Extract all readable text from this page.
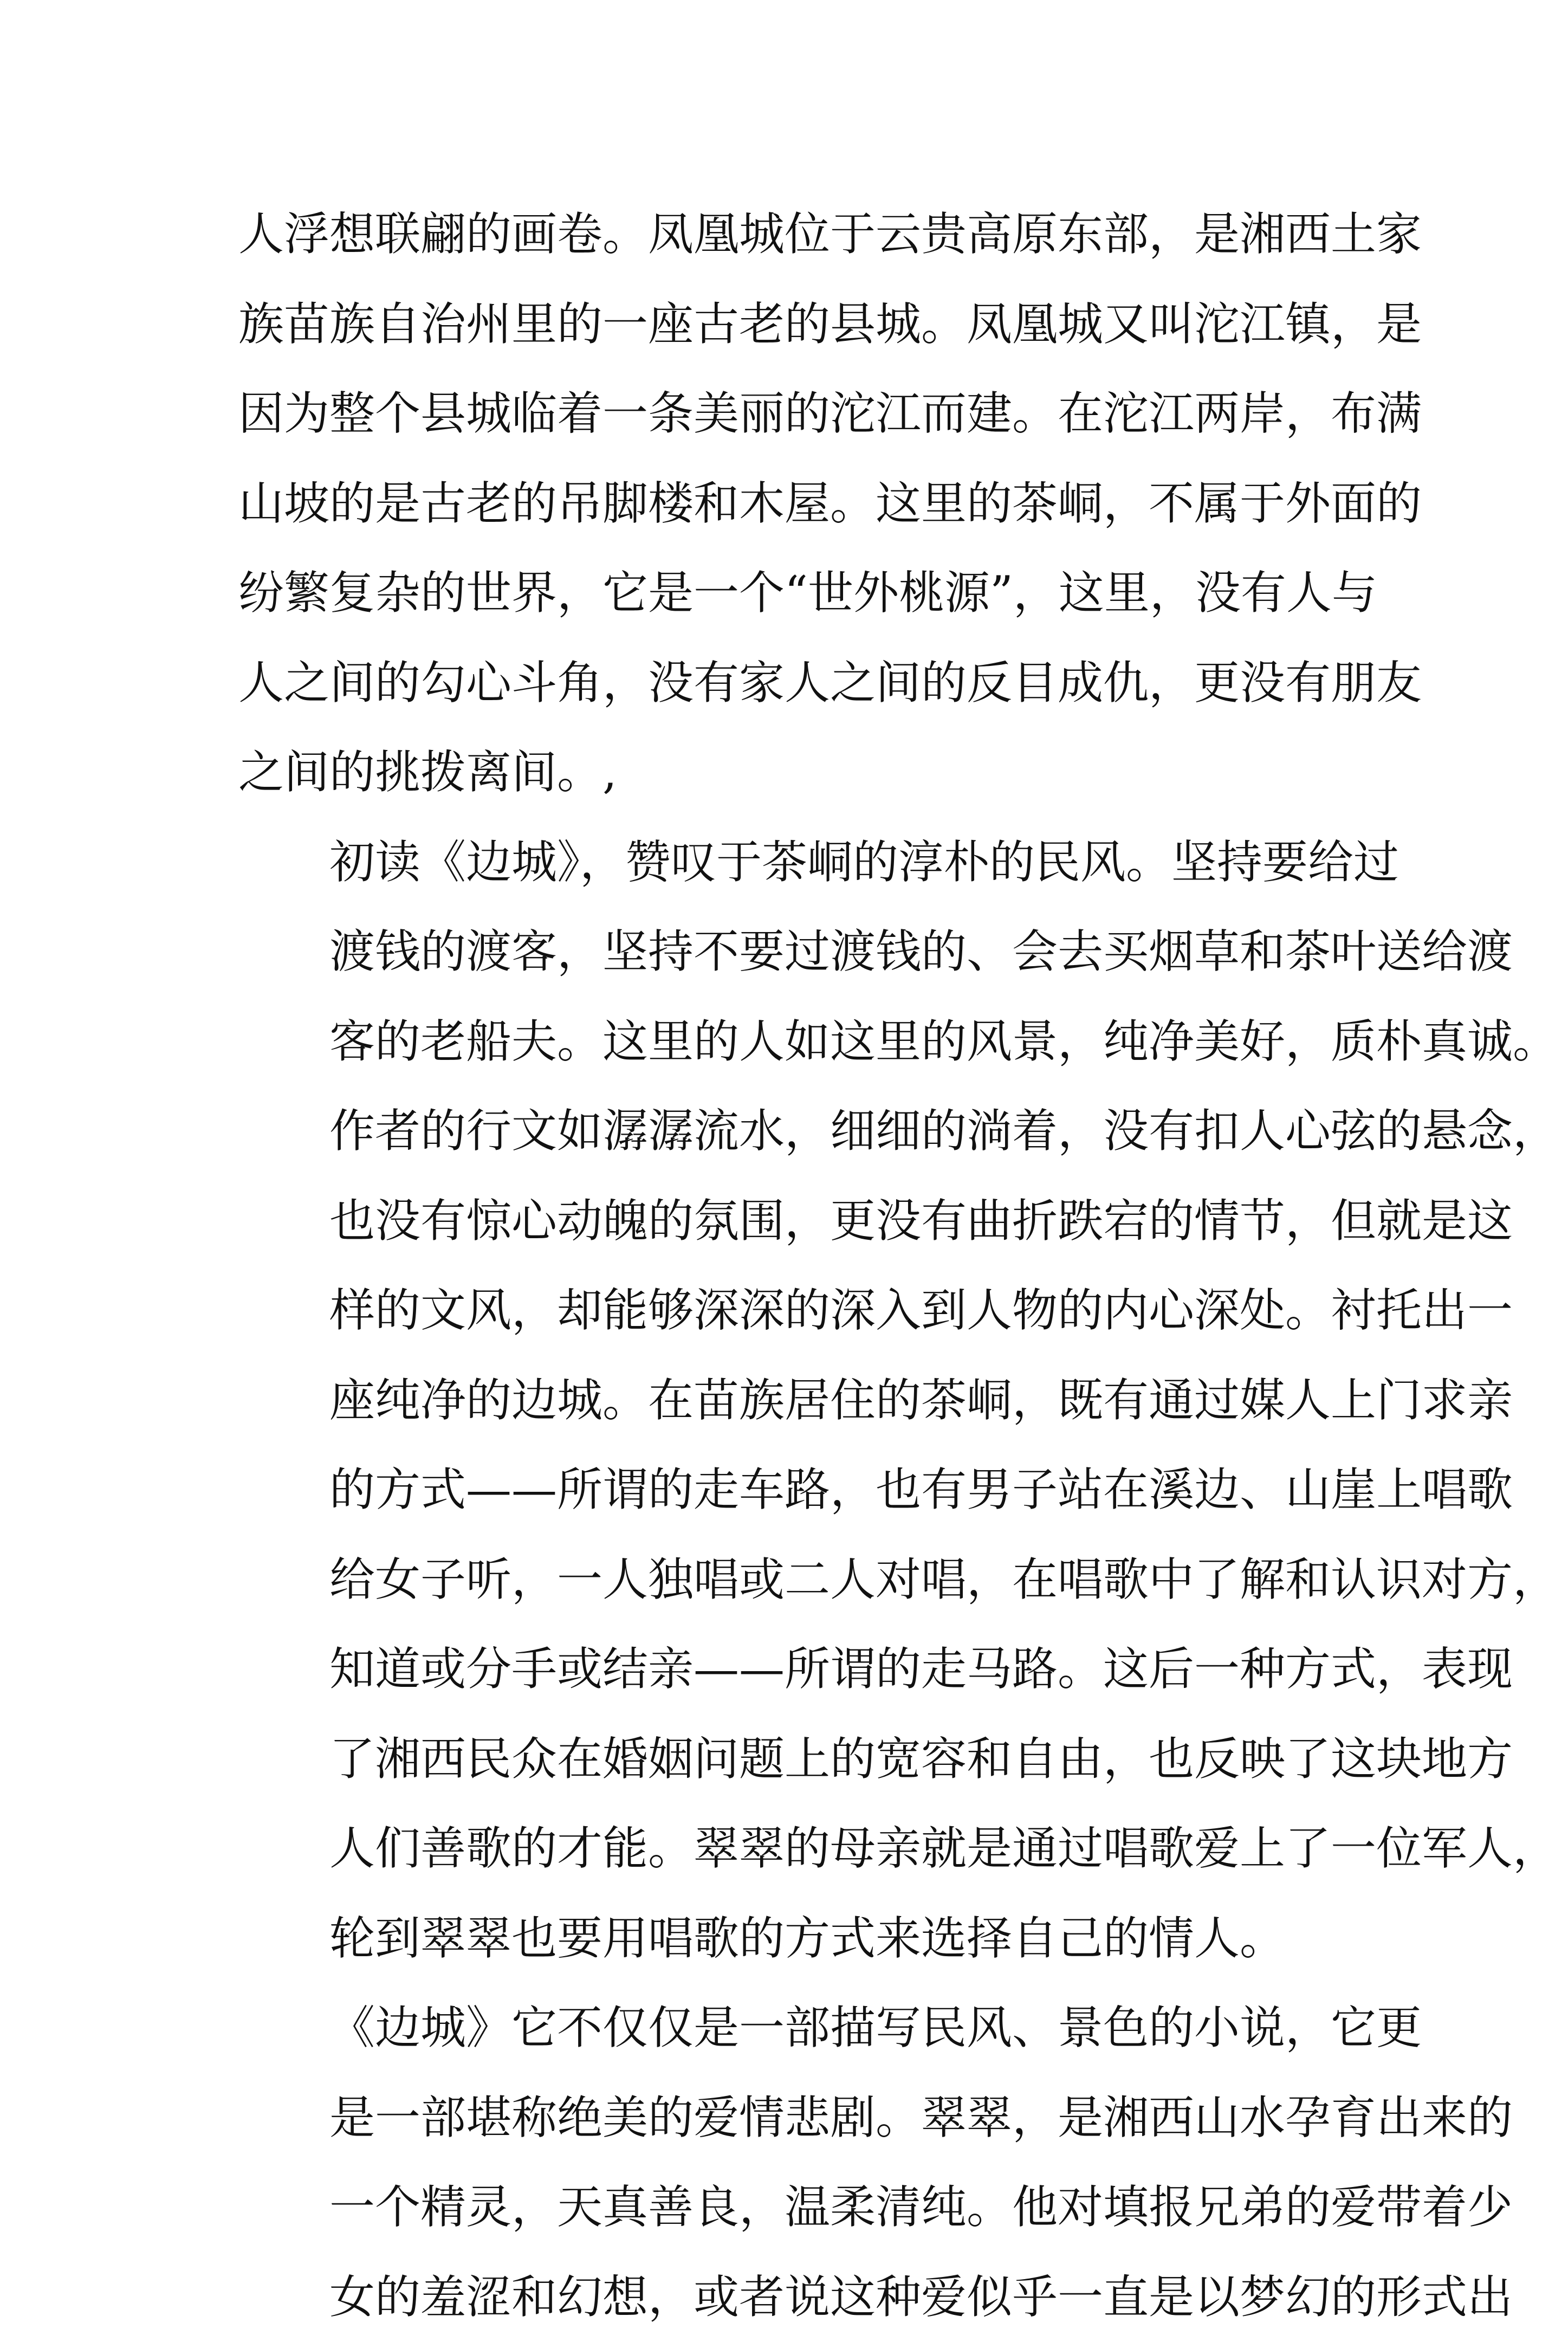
人浮想联翩的画卷。凤凰城位于云贵高原东部，是湘西土家
族苗族自治州里的一座古老的县城。凤凰城又叫沱江镇，是
因为整个县城临着一条美丽的沱江而建。在沱江两岸，布满
山坡的是古老的吊脚楼和木屋。这里的茶峒，不属于外面的
纷繁复杂的世界，它是一个“世外桃源”，这里，没有人与
人之间的勾心斗角，没有家人之间的反目成仇，更没有朋友
之间的挑拨离间。,
初读《边城》，赞叹于茶峒的淳朴的民风。坚持要给过
渡钱的渡客，坚持不要过渡钱的、会去买烟草和茶叶送给渡
客的老船夫。这里的人如这里的风景，纯净美好，质朴真诚。
作者的行文如潺潺流水，细细的淌着，没有扣人心弦的悬念，
也没有惊心动魄的氛围，更没有曲折跌宕的情节，但就是这
样的文风，却能够深深的深入到人物的内心深处。衬托出一
座纯净的边城。在苗族居住的茶峒，既有通过媒人上门求亲
的方式——所谓的走车路，也有男子站在溪边、山崖上唱歌
给女子听，一人独唱或二人对唱，在唱歌中了解和认识对方，
知道或分手或结亲——所谓的走马路。这后一种方式，表现
了湘西民众在婚姻问题上的宽容和自由，也反映了这块地方
人们善歌的才能。翠翠的母亲就是通过唱歌爱上了一位军人，
轮到翠翠也要用唱歌的方式来选择自己的情人。
《边城》它不仅仅是一部描写民风、景色的小说，它更
是一部堪称绝美的爱情悲剧。翠翠，是湘西山水孕育出来的
一个精灵，天真善良，温柔清纯。他对填报兄弟的爱带着少
女的羞涩和幻想，或者说这种爱似乎一直是以梦幻的形式出
